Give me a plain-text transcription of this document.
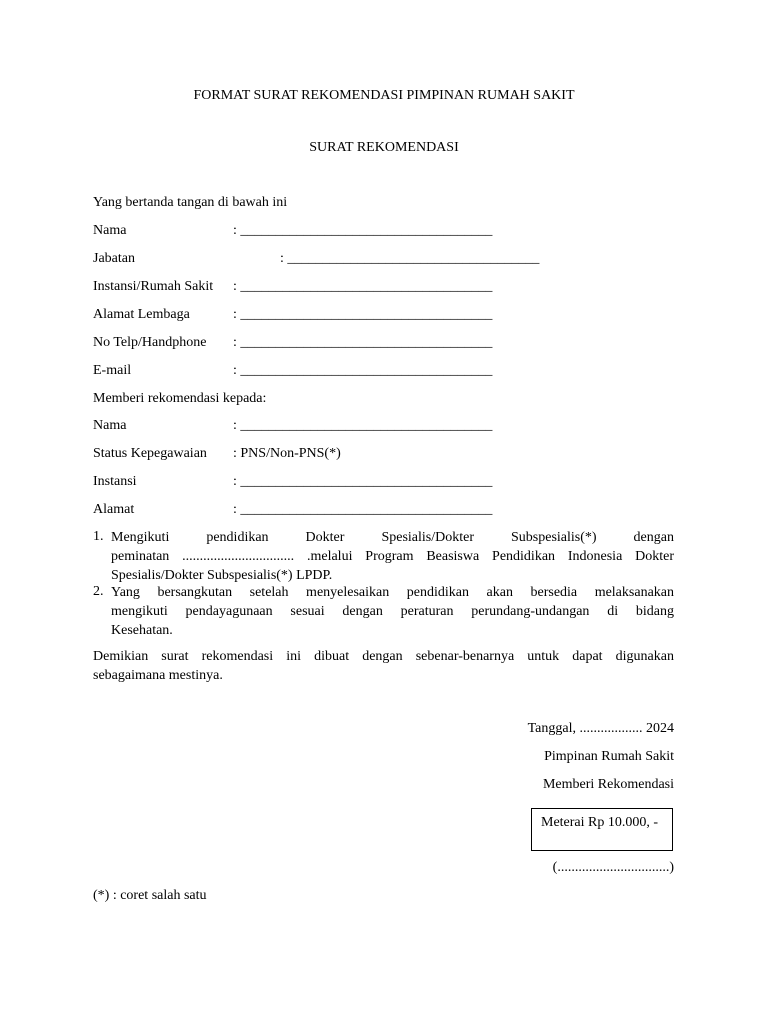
FORMAT SURAT REKOMENDASI PIMPINAN RUMAH SAKIT
SURAT REKOMENDASI
Yang bertanda tangan di bawah ini
Nama	: ____________________________________
Jabatan	: ____________________________________
Instansi/Rumah Sakit : ____________________________________
Alamat Lembaga	: ____________________________________
No Telp/Handphone : ____________________________________
E-mail	: ____________________________________
Memberi rekomendasi kepada:
Nama	: ____________________________________
Status Kepegawaian : PNS/Non-PNS(*)
Instansi	: ____________________________________
Alamat	: ____________________________________
1. Mengikuti pendidikan Dokter Spesialis/Dokter Subspesialis(*) dengan
peminatan ................................ .melalui Program Beasiswa Pendidikan Indonesia Dokter
Spesialis/Dokter Subspesialis(*) LPDP.
2. Yang bersangkutan setelah menyelesaikan pendidikan akan bersedia melaksanakan
mengikuti pendayagunaan sesuai dengan peraturan perundang-undangan di bidang
Kesehatan.
Demikian surat rekomendasi ini dibuat dengan sebenar-benarnya untuk dapat digunakan
sebagaimana mestinya.
Tanggal, .................. 2024
Pimpinan Rumah Sakit
Memberi Rekomendasi
Meterai Rp 10.000, -
(................................)
(*) : coret salah satu
